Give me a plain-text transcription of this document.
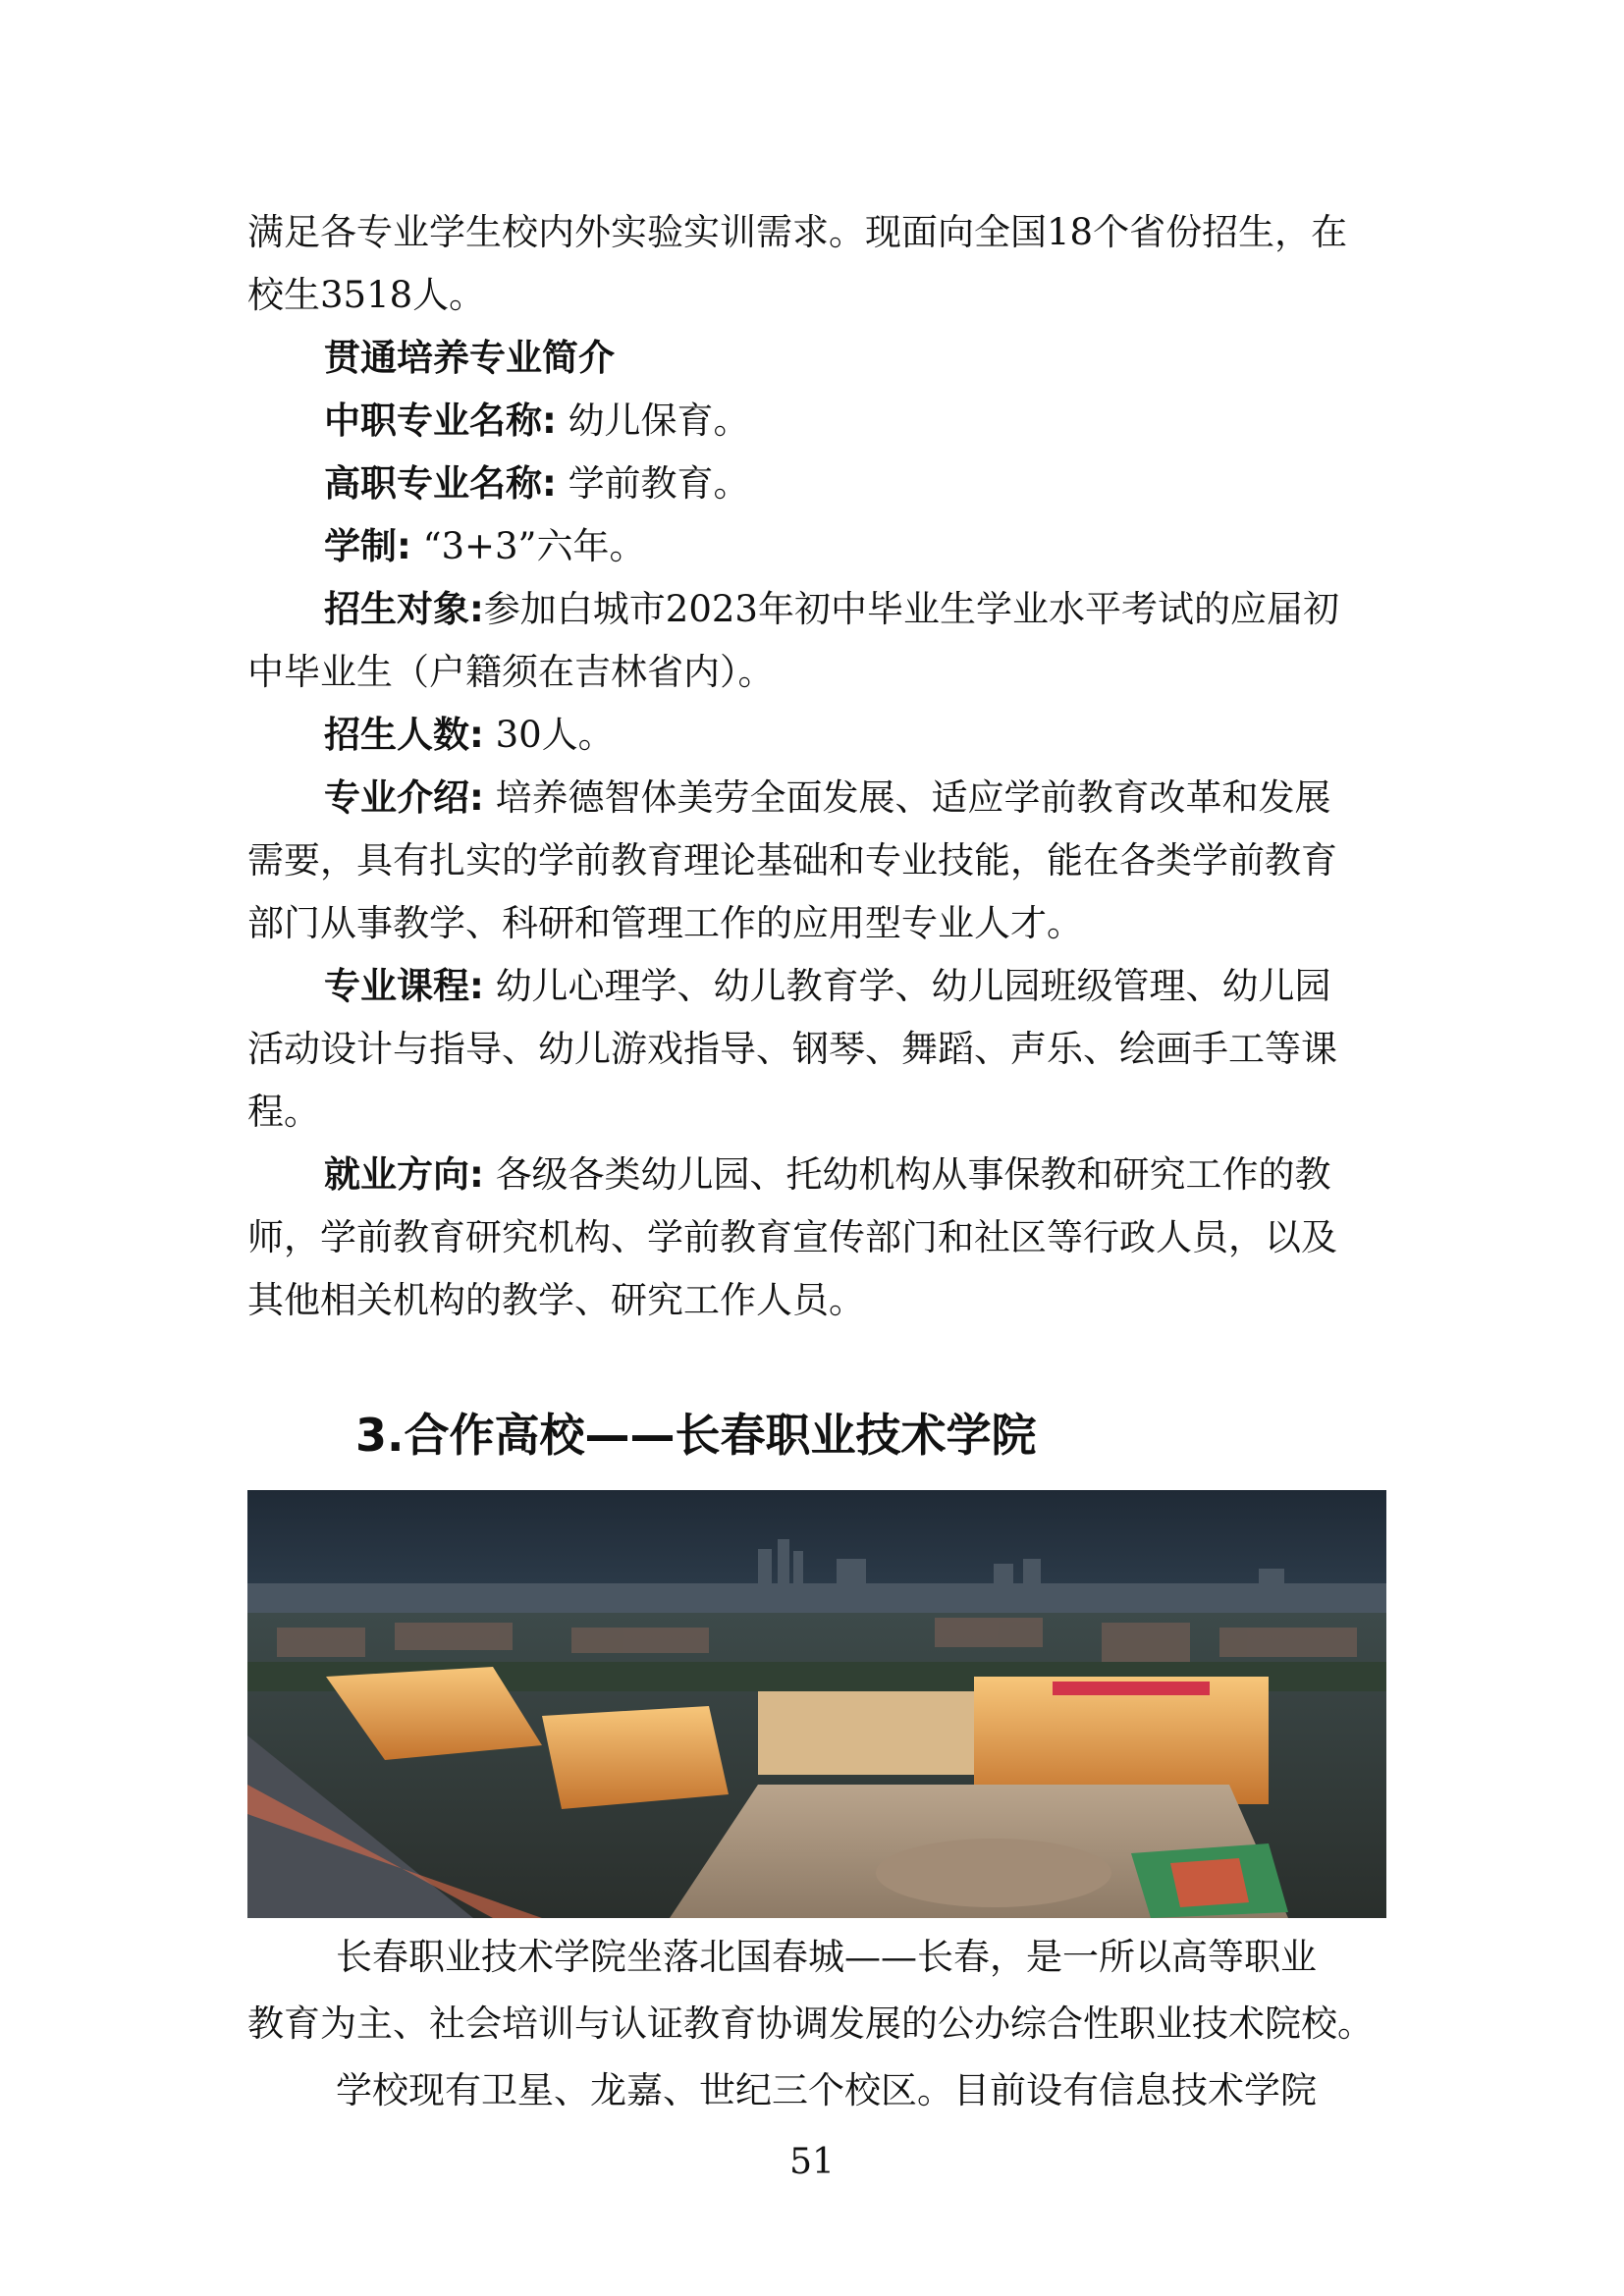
满足各专业学生校内外实验实训需求。现面向全国18个省份招生，在
校生3518人。
贯通培养专业简介
中职专业名称: 幼儿保育。
高职专业名称: 学前教育。
学制: “3+3”六年。
招生对象:参加白城市2023年初中毕业生学业水平考试的应届初
中毕业生（户籍须在吉林省内）。
招生人数: 30人。
专业介绍: 培养德智体美劳全面发展、适应学前教育改革和发展
需要，具有扎实的学前教育理论基础和专业技能，能在各类学前教育
部门从事教学、科研和管理工作的应用型专业人才。
专业课程: 幼儿心理学、幼儿教育学、幼儿园班级管理、幼儿园
活动设计与指导、幼儿游戏指导、钢琴、舞蹈、声乐、绘画手工等课
程。
就业方向: 各级各类幼儿园、托幼机构从事保教和研究工作的教
师，学前教育研究机构、学前教育宣传部门和社区等行政人员，以及
其他相关机构的教学、研究工作人员。
3.合作高校——长春职业技术学院
长春职业技术学院坐落北国春城——长春，是一所以高等职业
教育为主、社会培训与认证教育协调发展的公办综合性职业技术院校。
学校现有卫星、龙嘉、世纪三个校区。目前设有信息技术学院
51
